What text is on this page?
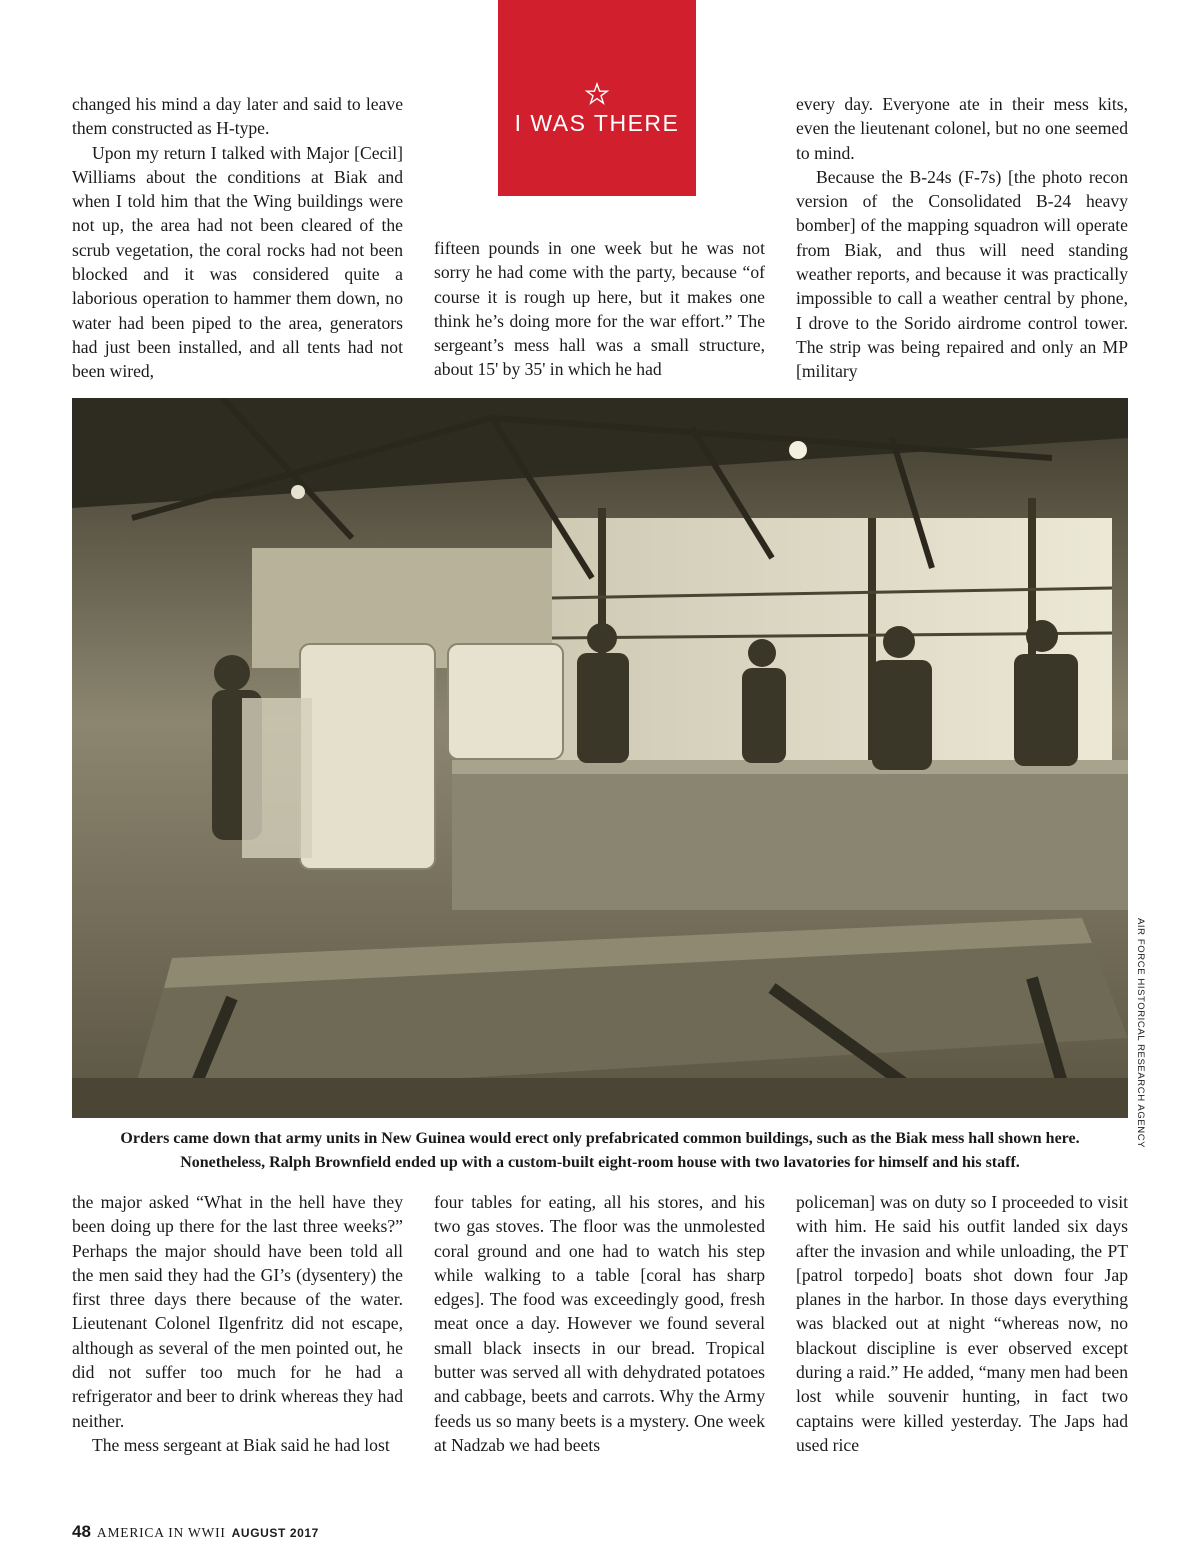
changed his mind a day later and said to leave them constructed as H-type.

Upon my return I talked with Major [Cecil] Williams about the conditions at Biak and when I told him that the Wing buildings were not up, the area had not been cleared of the scrub vegetation, the coral rocks had not been blocked and it was considered quite a laborious operation to hammer them down, no water had been piped to the area, generators had just been installed, and all tents had not been wired,

I WAS THERE

fifteen pounds in one week but he was not sorry he had come with the party, because “of course it is rough up here, but it makes one think he’s doing more for the war effort.” The sergeant’s mess hall was a small structure, about 15' by 35' in which he had

every day. Everyone ate in their mess kits, even the lieutenant colonel, but no one seemed to mind.

Because the B-24s (F-7s) [the photo recon version of the Consolidated B-24 heavy bomber] of the mapping squadron will operate from Biak, and thus will need standing weather reports, and because it was practically impossible to call a weather central by phone, I drove to the Sorido airdrome control tower. The strip was being repaired and only an MP [military

AIR FORCE HISTORICAL RESEARCH AGENCY

Orders came down that army units in New Guinea would erect only prefabricated common buildings, such as the Biak mess hall shown here.

Nonetheless, Ralph Brownfield ended up with a custom-built eight-room house with two lavatories for himself and his staff.

the major asked “What in the hell have they been doing up there for the last three weeks?” Perhaps the major should have been told all the men said they had the GI’s (dysentery) the first three days there because of the water. Lieutenant Colonel Ilgenfritz did not escape, although as several of the men pointed out, he did not suffer too much for he had a refrigerator and beer to drink whereas they had neither.

The mess sergeant at Biak said he had lost

four tables for eating, all his stores, and his two gas stoves. The floor was the unmolested coral ground and one had to watch his step while walking to a table [coral has sharp edges]. The food was exceedingly good, fresh meat once a day. However we found several small black insects in our bread. Tropical butter was served all with dehydrated potatoes and cabbage, beets and carrots. Why the Army feeds us so many beets is a mystery. One week at Nadzab we had beets

policeman] was on duty so I proceeded to visit with him. He said his outfit landed six days after the invasion and while unloading, the PT [patrol torpedo] boats shot down four Jap planes in the harbor. In those days everything was blacked out at night “whereas now, no blackout discipline is ever observed except during a raid.” He added, “many men had been lost while souvenir hunting, in fact two captains were killed yesterday. The Japs had used rice

48 AMERICA IN WWII AUGUST 2017
